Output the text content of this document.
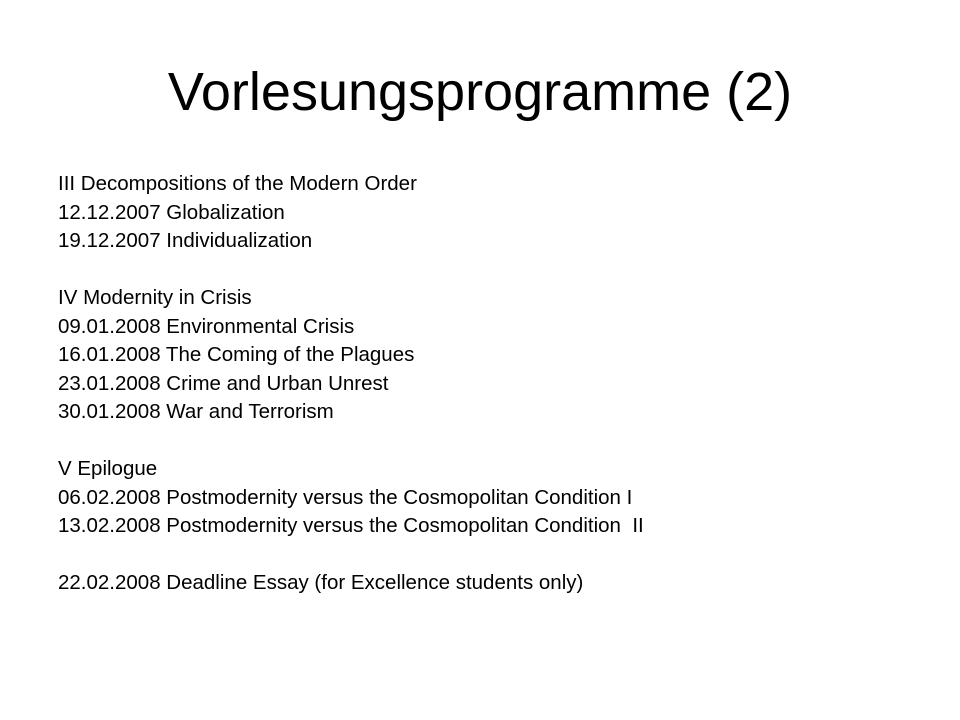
Vorlesungsprogramme (2)
III Decompositions of the Modern Order
12.12.2007 Globalization
19.12.2007 Individualization
IV Modernity in Crisis
09.01.2008 Environmental Crisis
16.01.2008 The Coming of the Plagues
23.01.2008 Crime and Urban Unrest
30.01.2008 War and Terrorism
V Epilogue
06.02.2008 Postmodernity versus the Cosmopolitan Condition I
13.02.2008 Postmodernity versus the Cosmopolitan Condition  II
22.02.2008 Deadline Essay (for Excellence students only)
